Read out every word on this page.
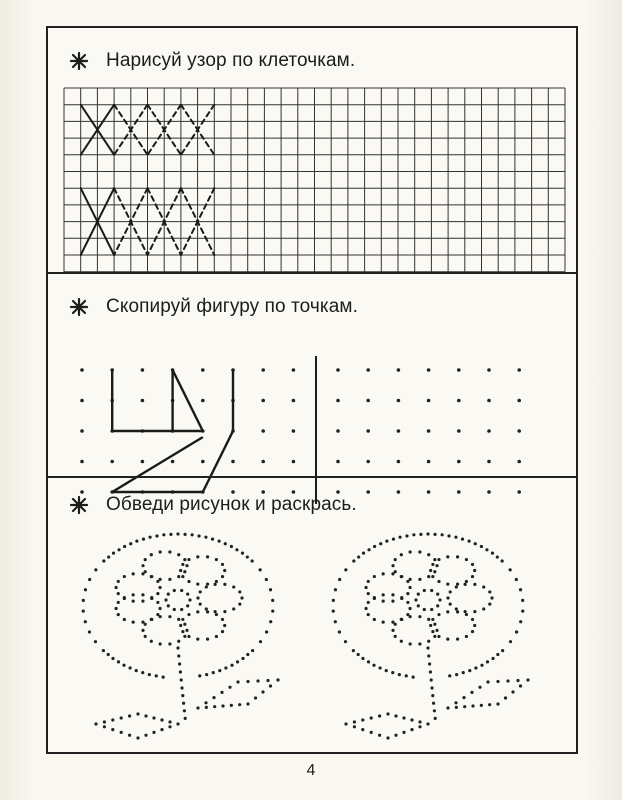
Нарисуй узор по клеточкам.
Скопируй фигуру по точкам.
Обведи рисунок и раскрась.
4
